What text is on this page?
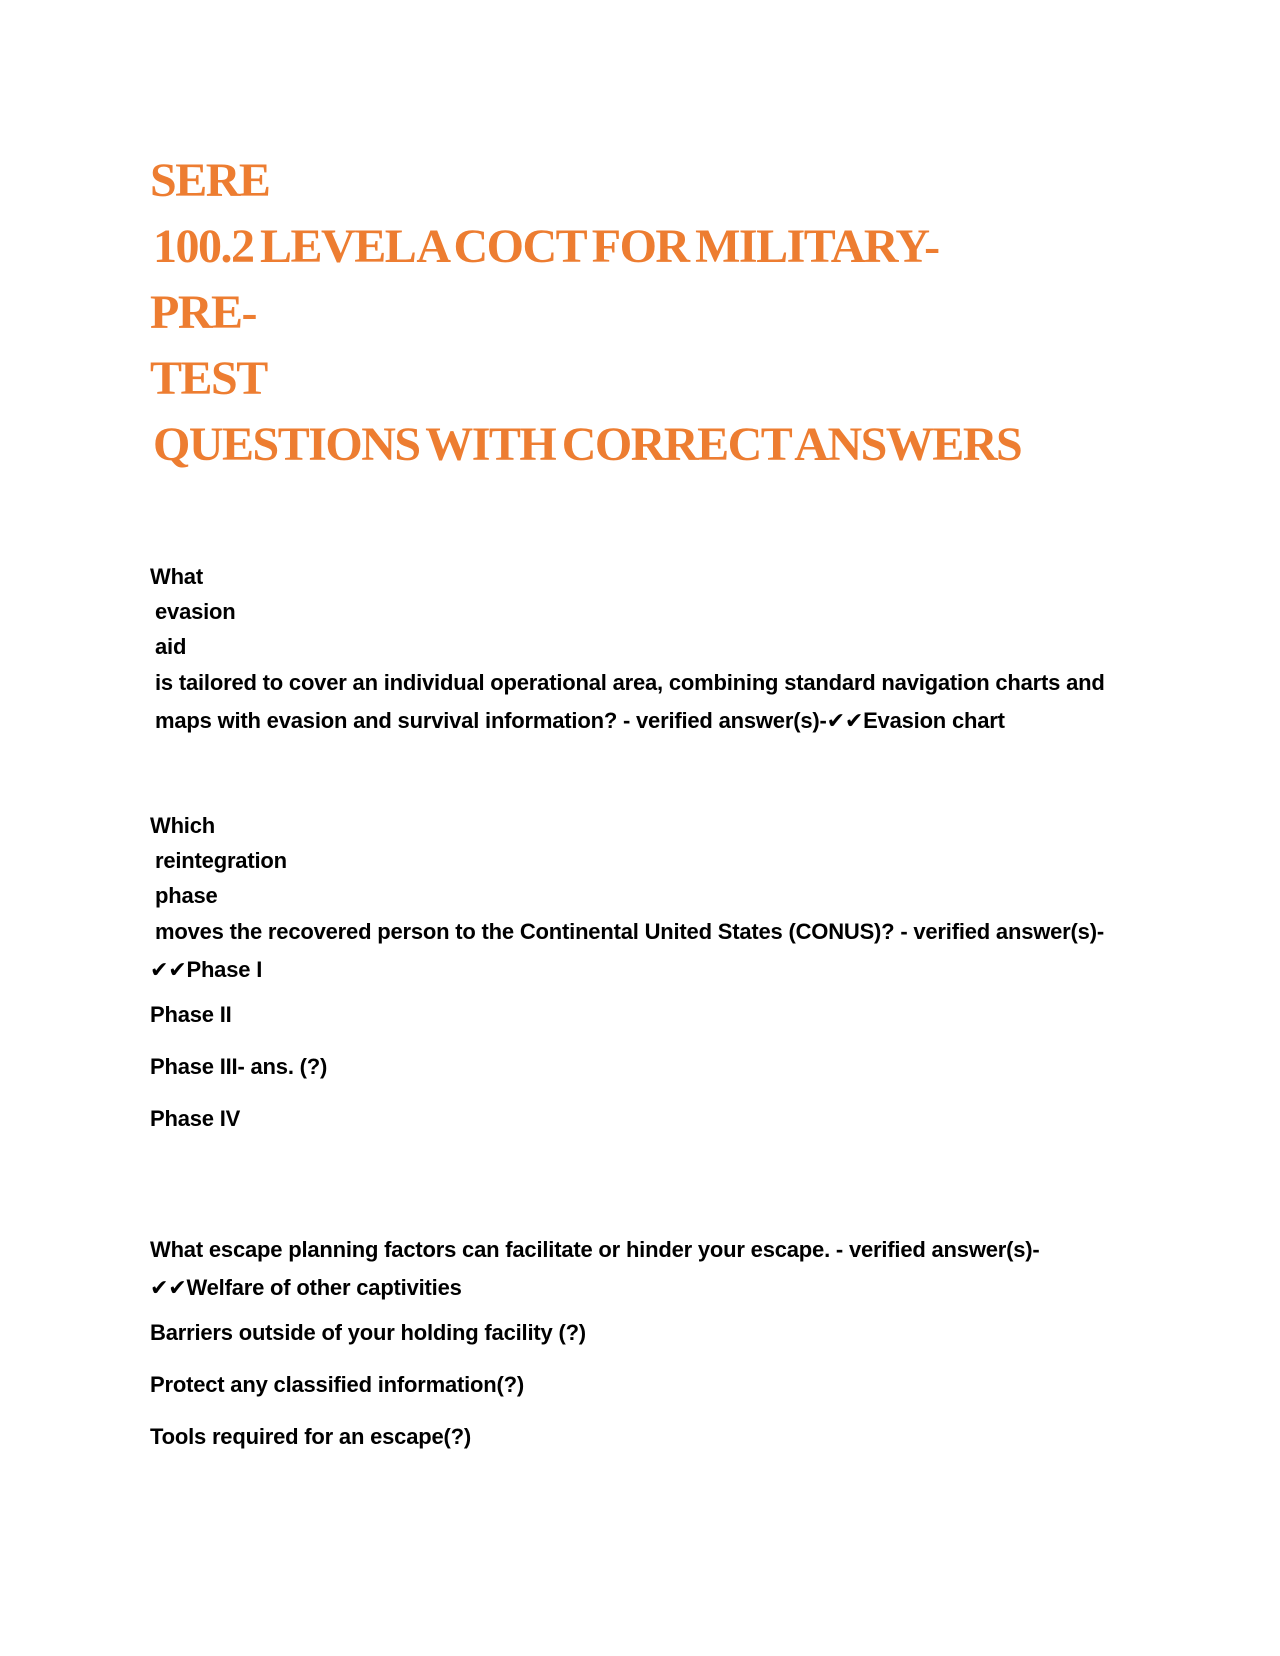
SERE
100.2 LEVEL A COCT FOR MILITARY-
PRE-
TEST
QUESTIONS WITH CORRECT ANSWERS
What
evasion
aid
is tailored to cover an individual operational area, combining standard navigation charts and
maps with evasion and survival information? - verified answer(s)-✔✔Evasion chart
Which
reintegration
phase
moves the recovered person to the Continental United States (CONUS)? - verified answer(s)-
✔✔Phase I
Phase II
Phase III- ans. (?)
Phase IV
What escape planning factors can facilitate or hinder your escape. - verified answer(s)-
✔✔Welfare of other captivities
Barriers outside of your holding facility (?)
Protect any classified information(?)
Tools required for an escape(?)
